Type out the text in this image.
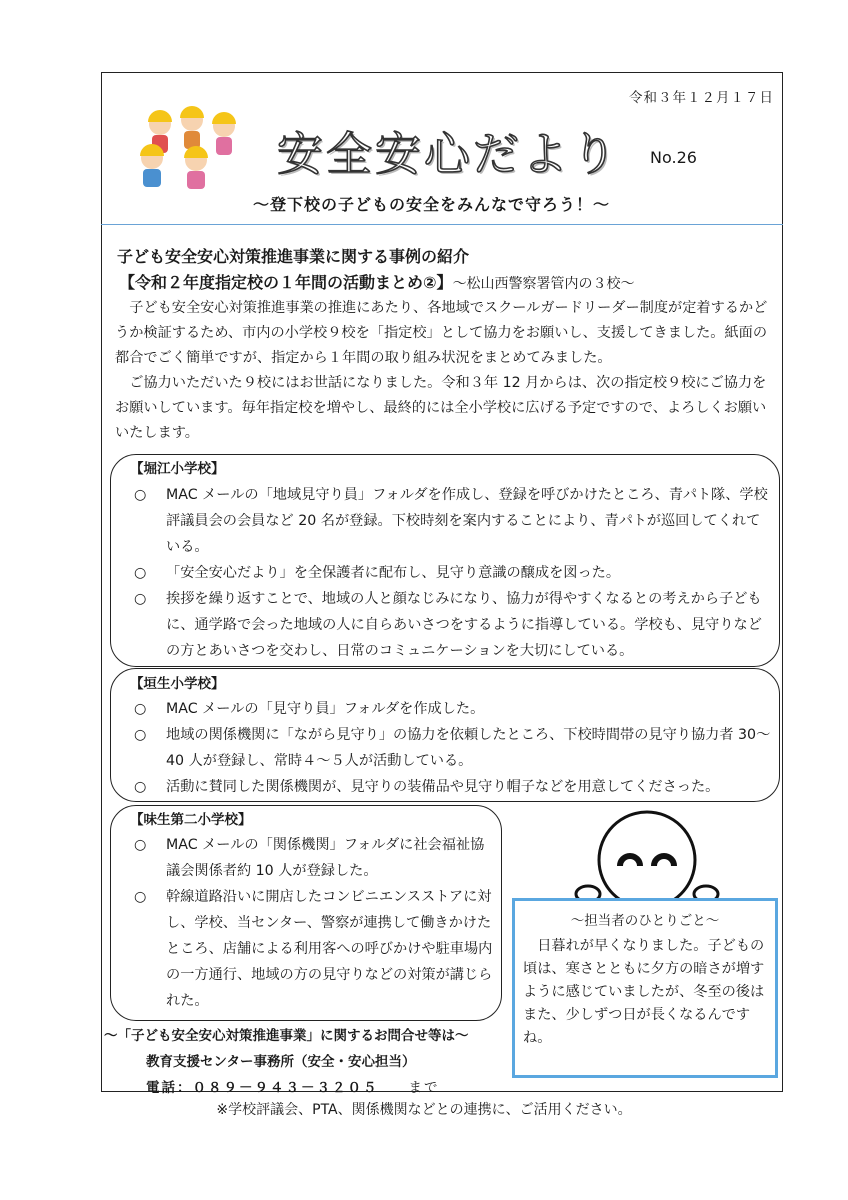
令和３年１２月１７日
安全安心だより No.26
～登下校の子どもの安全をみんなで守ろう！～
子ども安全安心対策推進事業に関する事例の紹介
【令和２年度指定校の１年間の活動まとめ②】～松山西警察署管内の３校～

子ども安全安心対策推進事業の推進にあたり、各地域でスクールガードリーダー制度が定着するかどうか検証するため、市内の小学校９校を「指定校」として協力をお願いし、支援してきました。紙面の都合でごく簡単ですが、指定から１年間の取り組み状況をまとめてみました。

ご協力いただいた９校にはお世話になりました。令和３年 12 月からは、次の指定校９校にご協力をお願いしています。毎年指定校を増やし、最終的には全小学校に広げる予定ですので、よろしくお願いいたします。

【堀江小学校】
○ MAC メールの「地域見守り員」フォルダを作成し、登録を呼びかけたところ、青パト隊、学校評議員会の会員など 20 名が登録。下校時刻を案内することにより、青パトが巡回してくれている。
○ 「安全安心だより」を全保護者に配布し、見守り意識の醸成を図った。
○ 挨拶を繰り返すことで、地域の人と顔なじみになり、協力が得やすくなるとの考えから子どもに、通学路で会った地域の人に自らあいさつをするように指導している。学校も、見守りなどの方とあいさつを交わし、日常のコミュニケーションを大切にしている。
【垣生小学校】
○ MAC メールの「見守り員」フォルダを作成した。
○ 地域の関係機関に「ながら見守り」の協力を依頼したところ、下校時間帯の見守り協力者 30～40 人が登録し、常時４～５人が活動している。
○ 活動に賛同した関係機関が、見守りの装備品や見守り帽子などを用意してくださった。
【味生第二小学校】
○ MAC メールの「関係機関」フォルダに社会福祉協議会関係者約 10 人が登録した。
○ 幹線道路沿いに開店したコンビニエンスストアに対し、学校、当センター、警察が連携して働きかけたところ、店舗による利用客への呼びかけや駐車場内の一方通行、地域の方の見守りなどの対策が講じられた。
～担当者のひとりごと～
日暮れが早くなりました。子どもの頃は、寒さとともに夕方の暗さが増すように感じていましたが、冬至の後はまた、少しずつ日が長くなるんですね。
～「子ども安全安心対策推進事業」に関するお問合せ等は～
教育支援センター事務所（安全・安心担当）
電話：０８９－９４３－３２０５ まで
※学校評議会、PTA、関係機関などとの連携に、ご活用ください。
